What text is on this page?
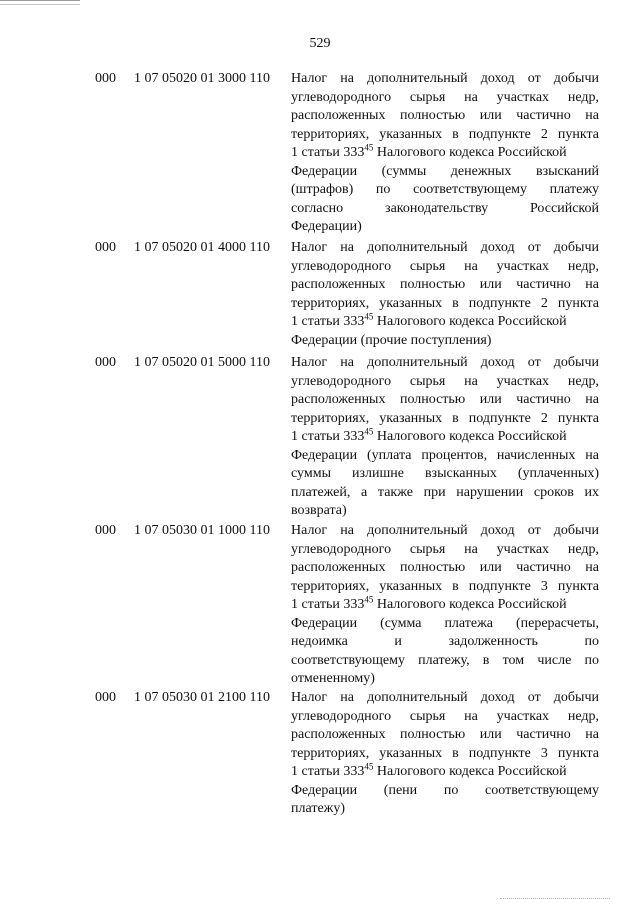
529
000 1 07 05020 01 3000 110 Налог на дополнительный доход от добычи
углеводородного сырья на участках недр,
расположенных полностью или частично на
территориях, указанных в подпункте 2 пункта
1 статьи $333^{45}$ Налогового кодекса Российской
Федерации (суммы денежных взысканий
(штрафов) по соответствующему платежу
согласно законодательству Российской
Федерации)
000 1 07 05020 01 4000 110 Налог на дополнительный доход от добычи
углеводородного сырья на участках недр,
расположенных полностью или частично на
территориях, указанных в подпункте 2 пункта
1 статьи $333^{45}$ Налогового кодекса Российской
Федерации (прочие поступления)
000 1 07 05020 01 5000 110 Налог на дополнительный доход от добычи
углеводородного сырья на участках недр,
расположенных полностью или частично на
территориях, указанных в подпункте 2 пункта
1 статьи $333^{45}$ Налогового кодекса Российской
Федерации (уплата процентов, начисленных на
суммы излишне взысканных (уплаченных)
платежей, а также при нарушении сроков их
возврата)
000 1 07 05030 01 1000 110 Налог на дополнительный доход от добычи
углеводородного сырья на участках недр,
расположенных полностью или частично на
территориях, указанных в подпункте 3 пункта
1 статьи $333^{45}$ Налогового кодекса Российской
Федерации (сумма платежа (перерасчеты,
недоимка и задолженность по
соответствующему платежу, в том числе по
отмененному)
000 1 07 05030 01 2100 110 Налог на дополнительный доход от добычи
углеводородного сырья на участках недр,
расположенных полностью или частично на
территориях, указанных в подпункте 3 пункта
1 статьи $333^{45}$ Налогового кодекса Российской
Федерации (пени по соответствующему
платежу)
